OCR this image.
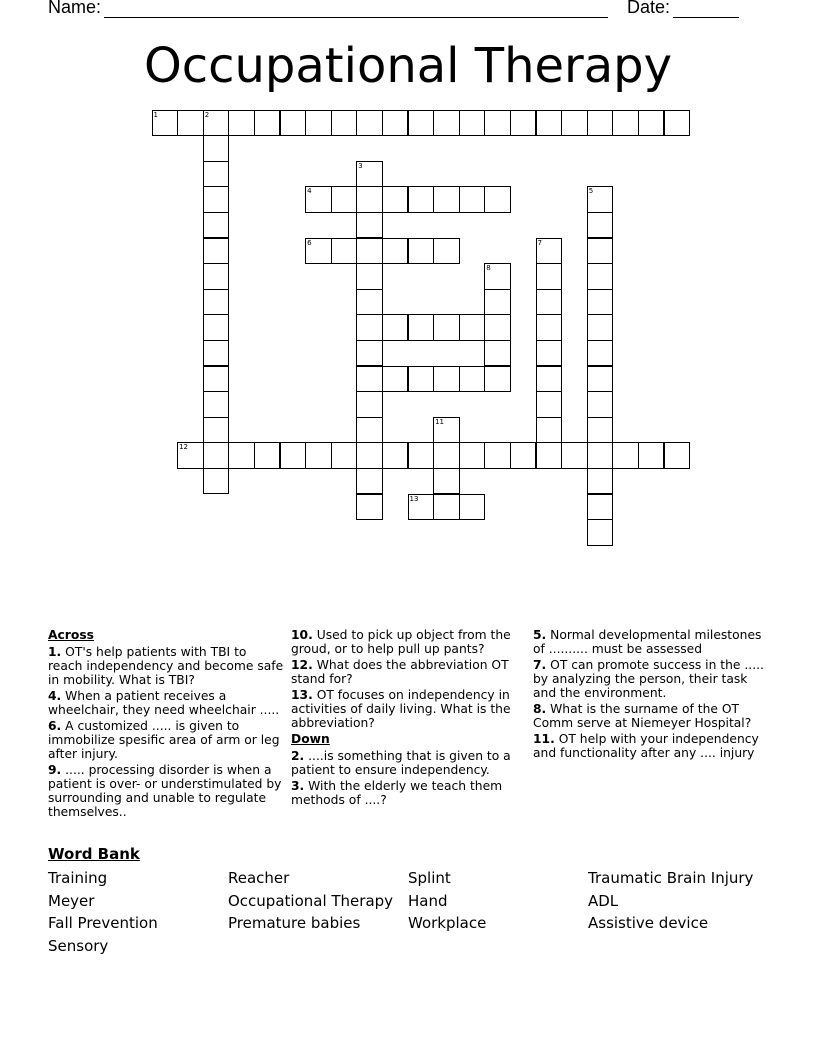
Name:	Date:
Occupational Therapy
1	2
4
3
6
8
7
5
11
12
13
Across
1. OT's help patients with TBI to reach independency and become safe in mobility. What is TBI?
4. When a patient receives a wheelchair, they need wheelchair .....
6. A customized ..... is given to immobilize spesific area of arm or leg after injury.
9. ..... processing disorder is when a patient is over- or understimulated by surrounding and unable to regulate themselves..
10. Used to pick up object from the groud, or to help pull up pants?
12. What does the abbreviation OT stand for?
13. OT focuses on independency in activities of daily living. What is the abbreviation?
Down
2. ....is something that is given to a patient to ensure independency.
3. With the elderly we teach them methods of ....?
5. Normal developmental milestones of .......... must be assessed
7. OT can promote success in the ..... by analyzing the person, their task and the environment.
8. What is the surname of the OT Comm serve at Niemeyer Hospital?
11. OT help with your independency and functionality after any .... injury
Word Bank
Training
Meyer
Fall Prevention
Sensory
Reacher
Occupational Therapy
Premature babies
Splint
Hand
Workplace
Traumatic Brain Injury
ADL
Assistive device
